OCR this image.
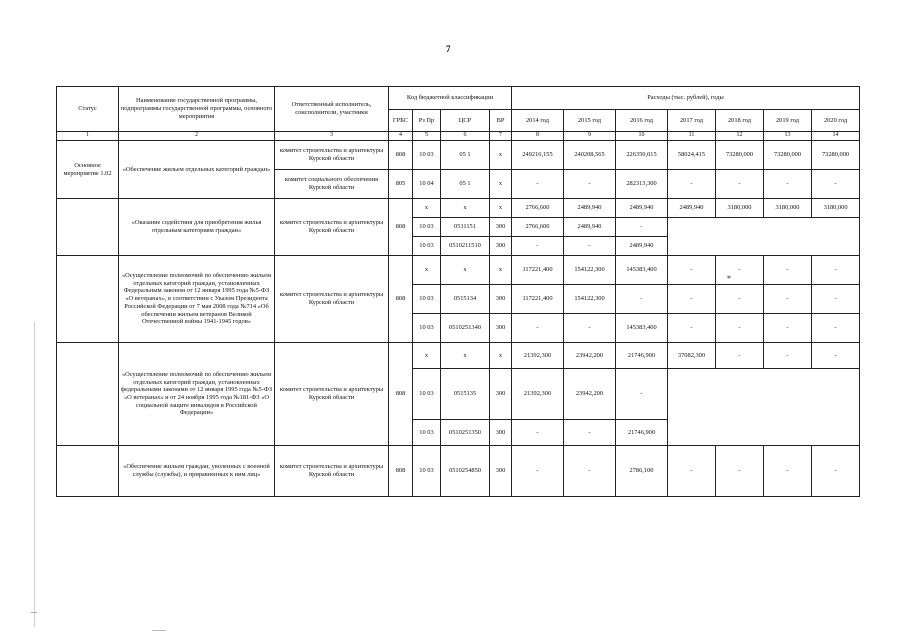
7
Статус	Наименование государственной программы, подпрограммы государственной программы, основного мероприятия	Ответственный исполнитель, соисполнители, участники	Код бюджетной классификации				Расходы (тыс. рублей), годы						
			ГРБС	Рз Пр	ЦСР	ВР	2014 год	2015 год	2016 год	2017 год	2018 год	2019 год	2020 год
1	2	3	4	5	6	7	8	9	10	11	12	13	14
Основное мероприятие 1.02	«Обеспечение жильем отдельных категорий граждан»	комитет строительства и архитектуры Курской области	808	10 03	05 1	x	249216,155	240208,565	226350,015	58024,415	73280,000	73280,000	73280,000
		комитет социального обеспечения Курской области	805	10 04	05 1	x	-	-	282313,300	-	-	-	-
	«Оказание содействия для приобретения жилья отдельным категориям граждан»	комитет строительства и архитектуры Курской области	808	x	x	x	2766,600	2489,940	2489,940	2489,940	3180,000	3180,000	3180,000
				10 03	0511151	300	2766,600	2489,940	-				
				10 03	0510211510	300	-	-	2489,940				
	«Осуществление полномочий по обеспечению жильем отдельных категорий граждан, установленных Федеральным законом от 12 января 1995 года №5-ФЗ «О ветеранах», в соответствии с Указом Президента Российской Федерации от 7 мая 2008 года №714 «Об обеспечении жильем ветеранов Великой Отечественной войны 1941-1945 годов»	комитет строительства и архитектуры Курской области	808	x	x	x	117221,400	154122,300	145383,400	-	-	-	-
				10 03	0515134	300	117221,400	154122,300	-	-	-	-	-
				10 03	0510251340	300	-	-	145383,400	-	-	-	-
	«Осуществление полномочий по обеспечению жильем отдельных категорий граждан, установленных федеральными законами от 12 января 1995 года №5-ФЗ «О ветеранах» и от 24 ноября 1995 года №181-ФЗ «О социальной защите инвалидов в Российской Федерации»	комитет строительства и архитектуры Курской области	808	x	x	x	21392,300	23942,200	21746,900	37082,300	-	-	-
				10 03	0515135	300	21392,300	23942,200	-				
				10 03	0510251350	300	-	-	21746,900				
	«Обеспечение жильем граждан, уволенных с военной службы (службы), и приравненных к ним лиц»	комитет строительства и архитектуры Курской области	808	10 03	0510254850	300	-	-	2786,100	-	-	-	-
*
